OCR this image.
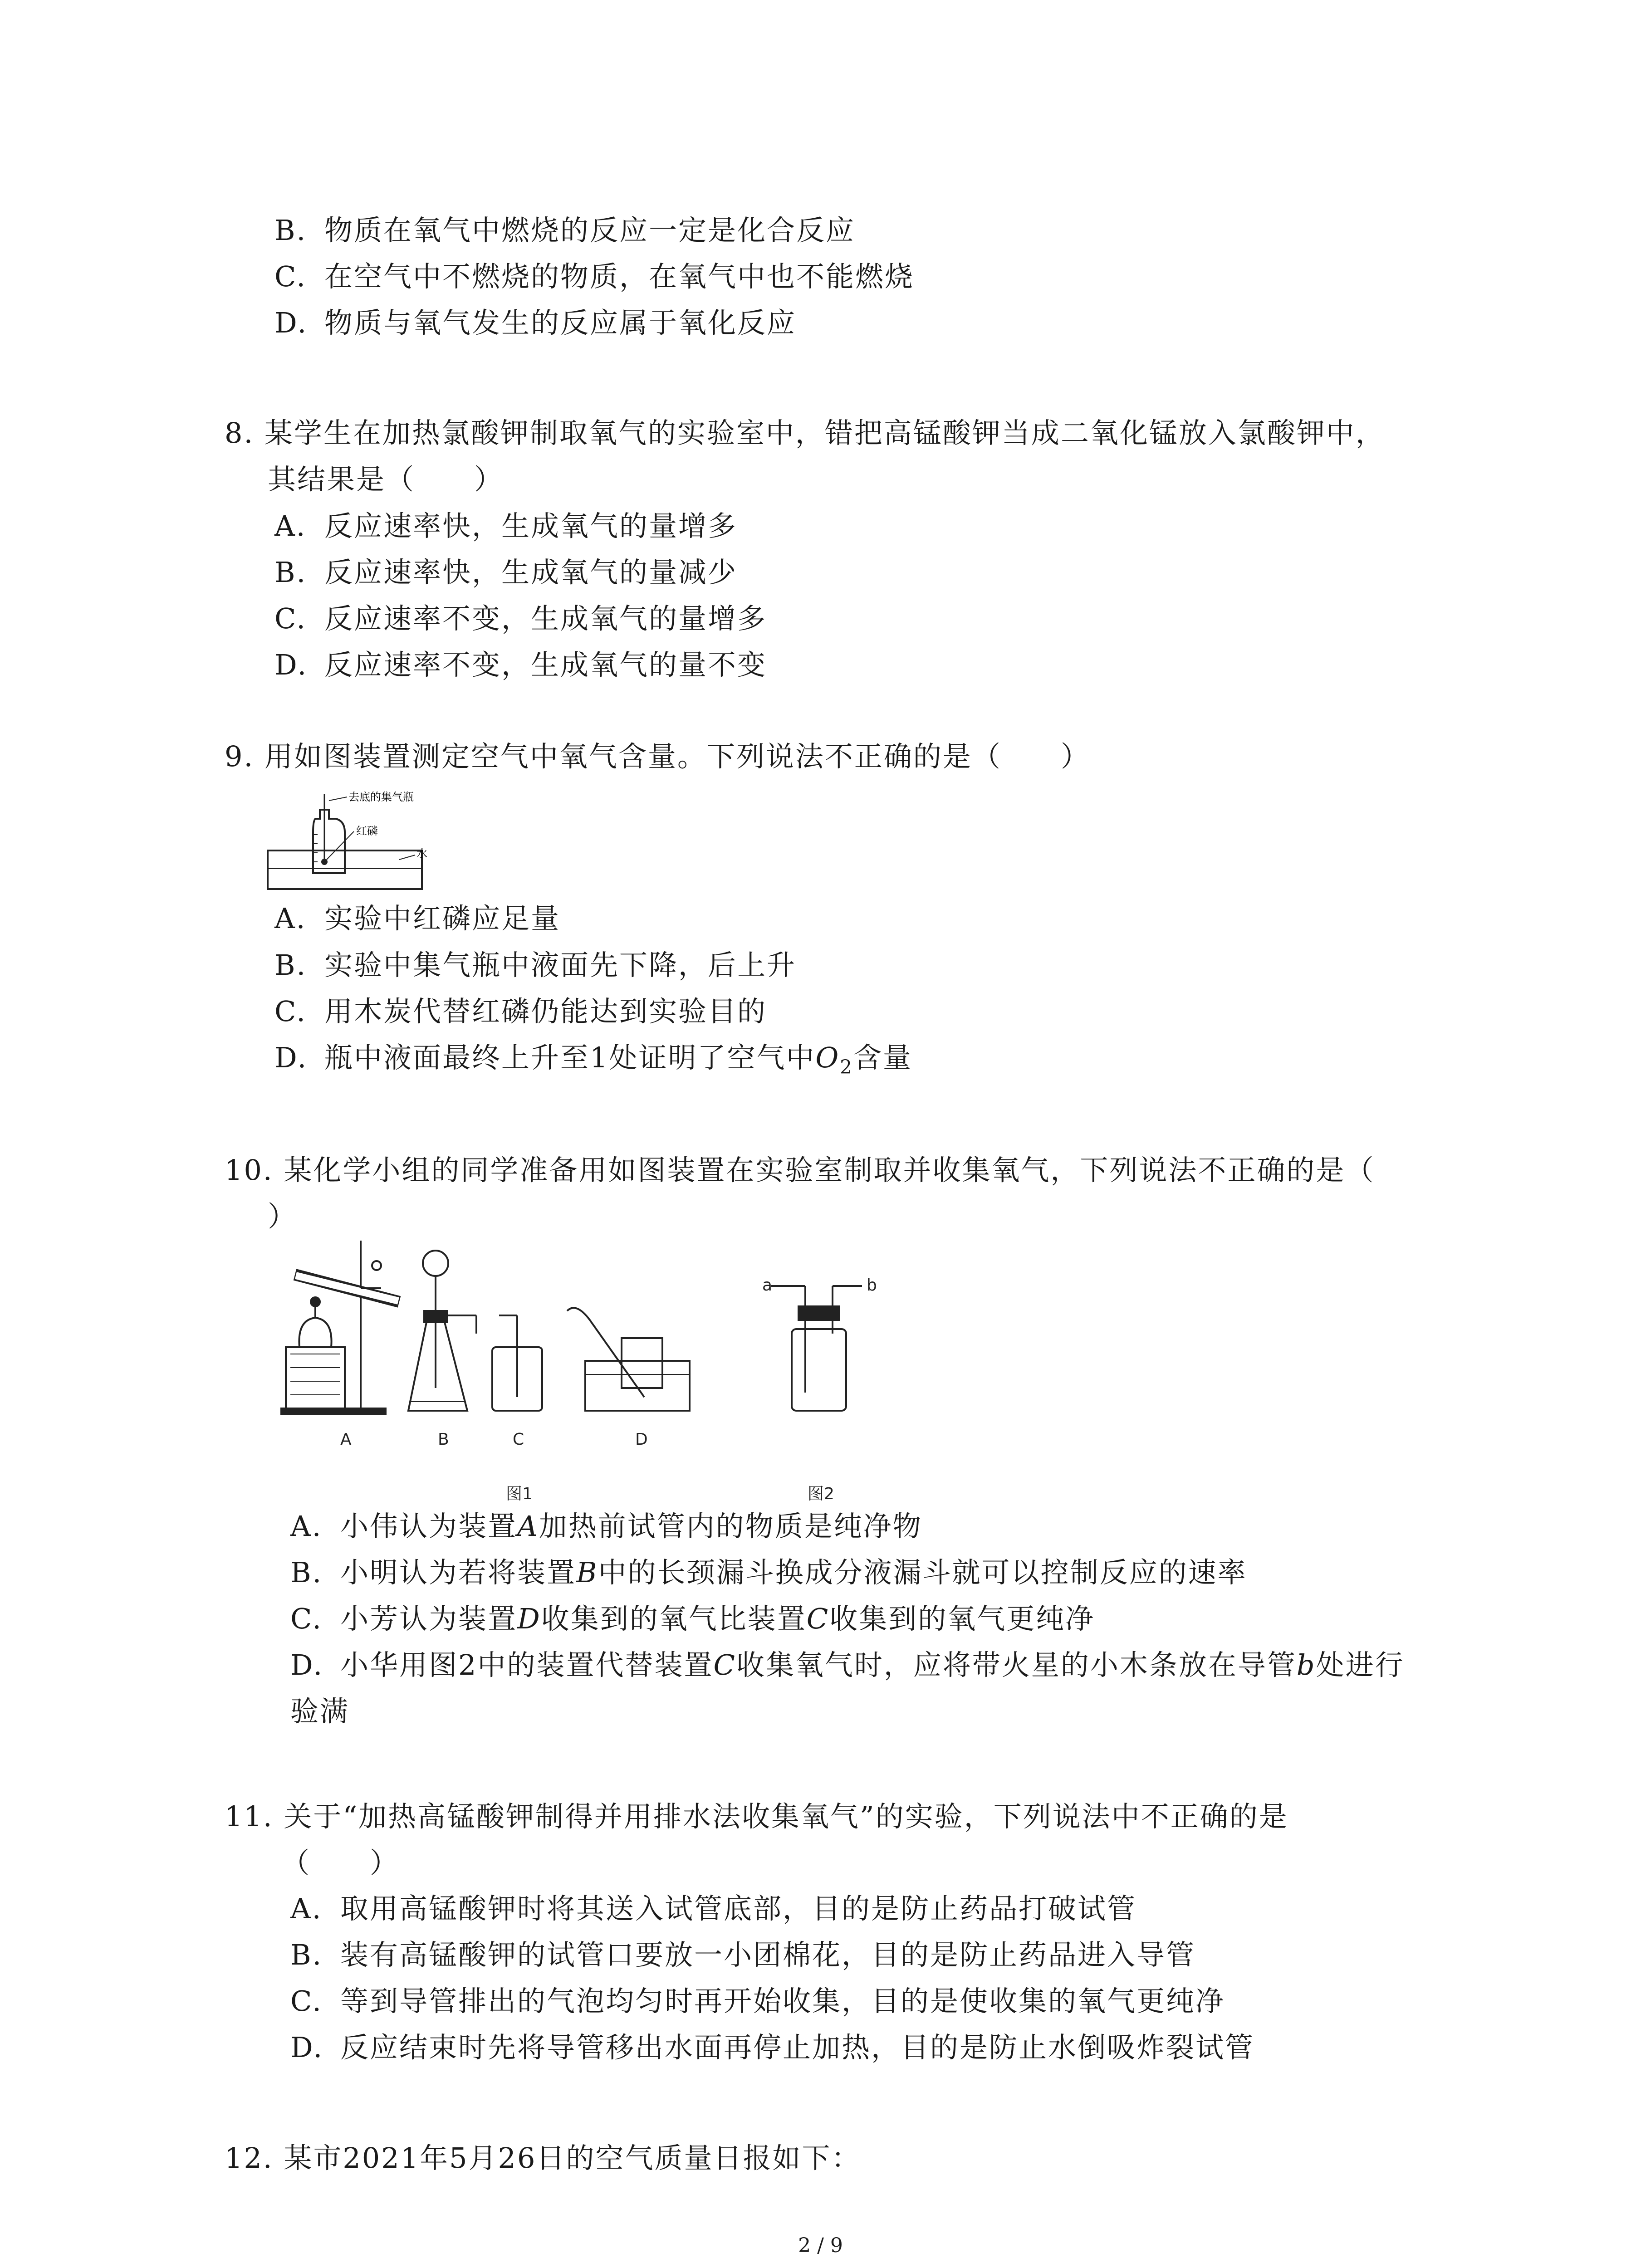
B. 物质在氧气中燃烧的反应一定是化合反应
C. 在空气中不燃烧的物质，在氧气中也不能燃烧
D. 物质与氧气发生的反应属于氧化反应
8. 某学生在加热氯酸钾制取氧气的实验室中，错把高锰酸钾当成二氧化锰放入氯酸钾中，
其结果是（　　）
A. 反应速率快，生成氧气的量增多
B. 反应速率快，生成氧气的量减少
C. 反应速率不变，生成氧气的量增多
D. 反应速率不变，生成氧气的量不变
9. 用如图装置测定空气中氧气含量。下列说法不正确的是（　　）
去底的集气瓶
红磷
水
A. 实验中红磷应足量
B. 实验中集气瓶中液面先下降，后上升
C. 用木炭代替红磷仍能达到实验目的
D. 瓶中液面最终上升至1处证明了空气中$O_2$含量
10. 某化学小组的同学准备用如图装置在实验室制取并收集氧气，下列说法不正确的是（
）
A	B	C	D
a	b
图1	图2
A. 小伟认为装置A加热前试管内的物质是纯净物
B. 小明认为若将装置B中的长颈漏斗换成分液漏斗就可以控制反应的速率
C. 小芳认为装置D收集到的氧气比装置C收集到的氧气更纯净
D. 小华用图2中的装置代替装置C收集氧气时，应将带火星的小木条放在导管b处进行
验满
11. 关于“加热高锰酸钾制得并用排水法收集氧气”的实验，下列说法中不正确的是
（　　）
A. 取用高锰酸钾时将其送入试管底部，目的是防止药品打破试管
B. 装有高锰酸钾的试管口要放一小团棉花，目的是防止药品进入导管
C. 等到导管排出的气泡均匀时再开始收集，目的是使收集的氧气更纯净
D. 反应结束时先将导管移出水面再停止加热，目的是防止水倒吸炸裂试管
12. 某市2021年5月26日的空气质量日报如下：
2 / 9
